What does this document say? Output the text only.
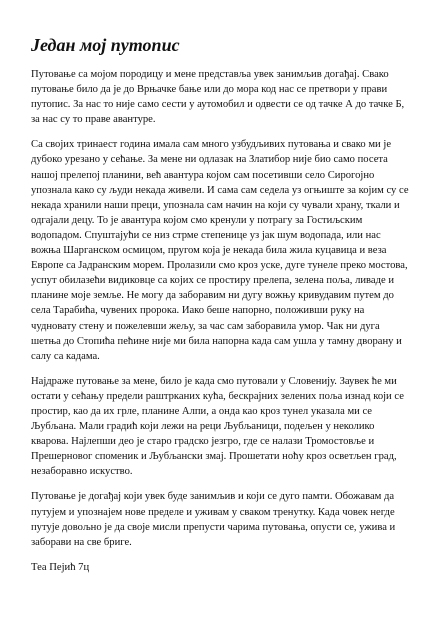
Један мој путопис

Путовање са мојом породицу и мене представља увек занимљив догађај. Свако путовање било да је до Врњачке бање или до мора код нас се претвори у прави путопис. За нас то није само сести у аутомобил и одвести се од тачке А до тачке Б, за нас су то праве авантуре.

Са својих тринаест година имала сам много узбудљивих путовања и свако ми је дубоко урезано у сећање. За мене ни одлазак на Златибор није био само посета нашој прелепој планини, већ авантура којом сам посетивши село Сирогојно упознала како су људи некада живели. И сама сам седела уз огњиште за којим су се некада хранили наши преци, упознала сам начин на који су чували храну, ткали и одгајали децу. То је авантура којом смо кренули у потрагу за Гостиљским водопадом. Спуштајући се низ стрме степенице уз јак шум водопада, или нас вожња Шарганском осмицом, пругом која је некада била жила куцавица и веза Европе са Јадранским морем. Пролазили смо кроз уске, дуге тунеле преко мостова, успут обилазећи видиковце са којих се простиру прелепа, зелена поља, ливаде и планине моје земље. Не могу да заборавим ни дугу вожњу кривудавим путем до села Тарабића, чувених пророка. Иако беше напорно, положивши руку на чудновату стену и пожелевши жељу, за час сам заборавила умор. Чак ни дуга шетња до Стопића пећине није ми била напорна када сам ушла у тамну дворану и салу са кадама.

Најдраже путовање за мене, било је када смо путовали у Словенију. Заувек ће ми остати у сећању предели раштрканих кућа, бескрајних зелених поља изнад који се простир, као да их грле, планине Алпи, а онда као кроз тунел указала ми се Љубљана. Мали градић који лежи на реци Љубљаници, подељен у неколико кварова. Најлепши део је старо градско језгро, где се налази Тромостовље и Прешерновог споменик и Љубљански змај. Прошетати ноћу кроз осветљен град, незаборавно искуство.

Путовање је догађај који увек буде занимљив и који се дуго памти. Обожавам да путујем и упознајем нове пределе и уживам у сваком тренутку. Када човек негде путује довољно је да своје мисли препусти чарима путовања, опусти се, ужива и заборави на све бриге.

Теа Пејић 7ц
